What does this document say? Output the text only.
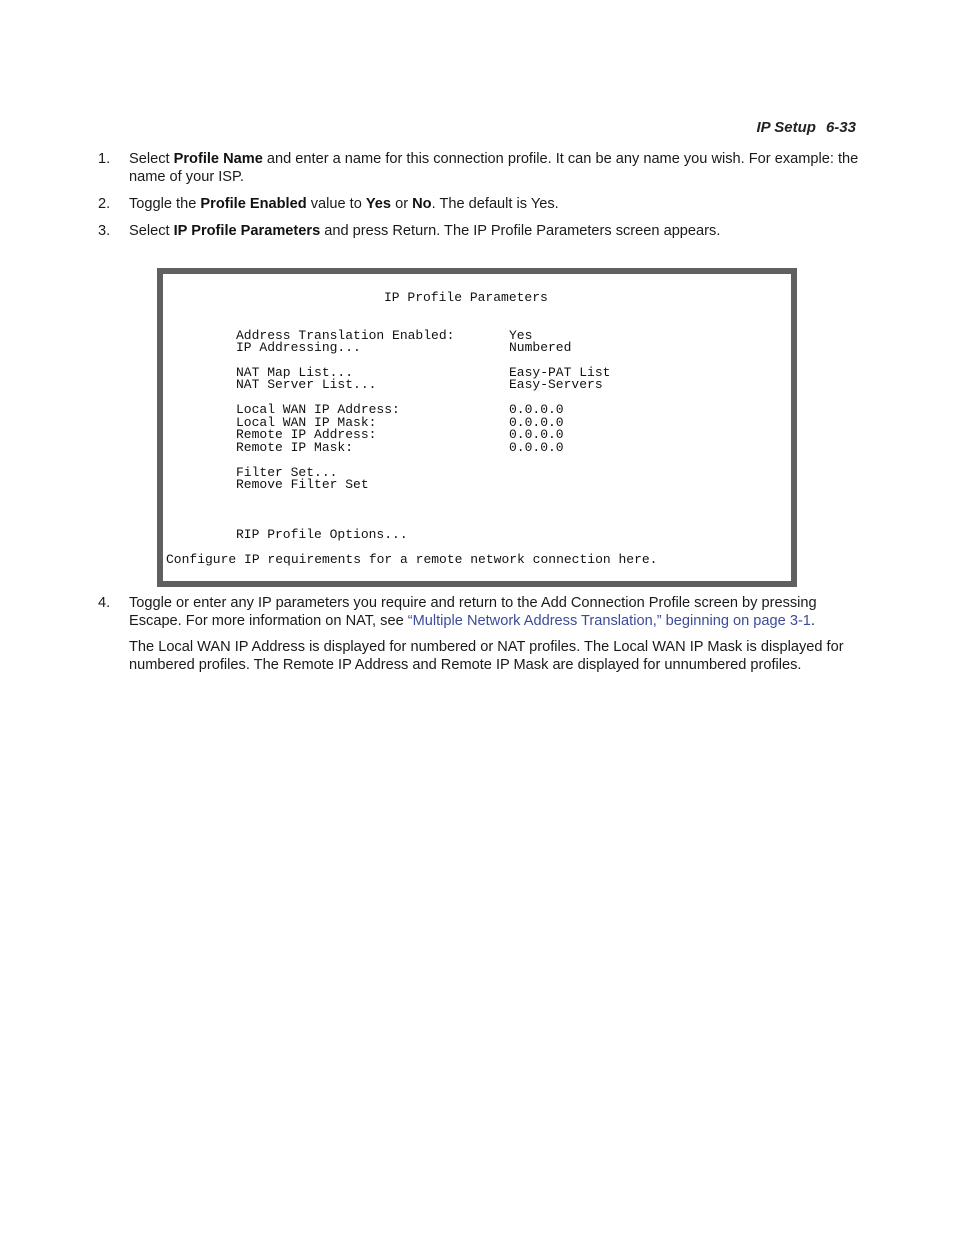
IP Setup 6-33
1. Select Profile Name and enter a name for this connection profile. It can be any name you wish. For example: the name of your ISP.
2. Toggle the Profile Enabled value to Yes or No. The default is Yes.
3. Select IP Profile Parameters and press Return. The IP Profile Parameters screen appears.
4. Toggle or enter any IP parameters you require and return to the Add Connection Profile screen by pressing Escape. For more information on NAT, see “Multiple Network Address Translation,” beginning on page 3-1.
The Local WAN IP Address is displayed for numbered or NAT profiles. The Local WAN IP Mask is displayed for numbered profiles. The Remote IP Address and Remote IP Mask are displayed for unnumbered profiles.
IP Profile Parameters
Address Translation Enabled:	Yes
IP Addressing...	Numbered
NAT Map List...	Easy-PAT List
NAT Server List...	Easy-Servers
Local WAN IP Address:	0.0.0.0
Local WAN IP Mask:	0.0.0.0
Remote IP Address:	0.0.0.0
Remote IP Mask:	0.0.0.0
Filter Set...
Remove Filter Set
RIP Profile Options...
Configure IP requirements for a remote network connection here.
